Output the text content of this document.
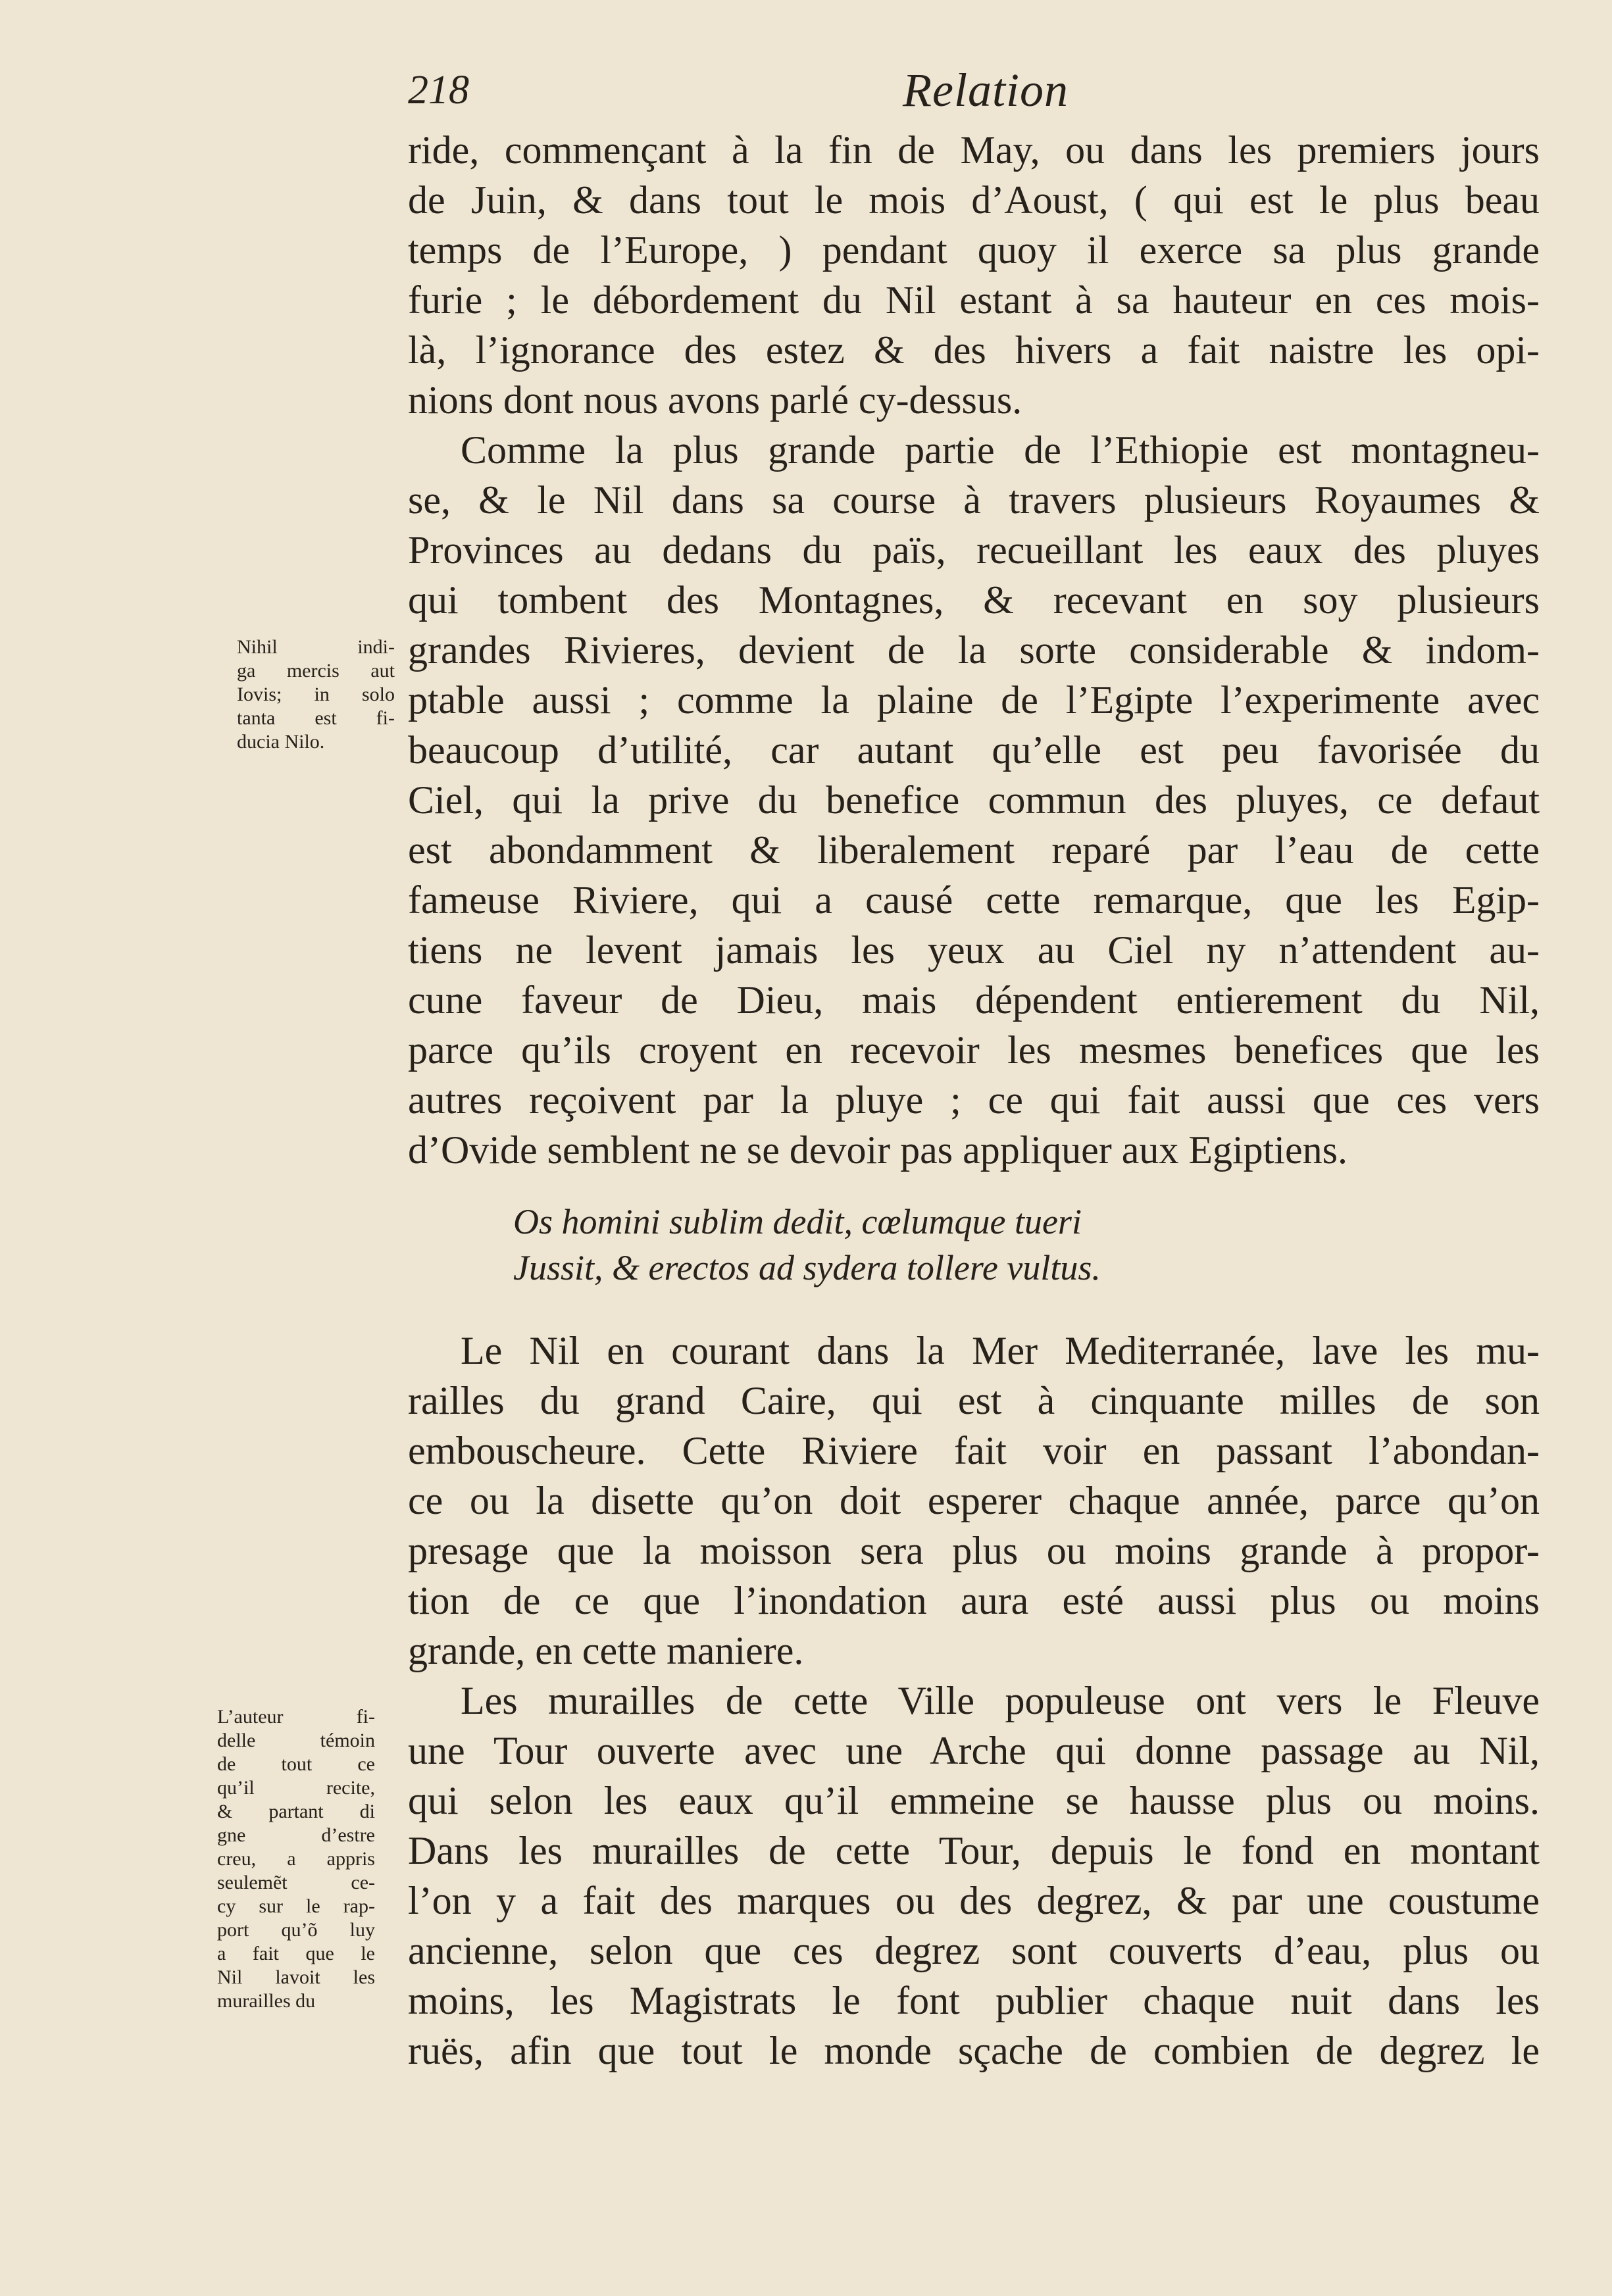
218	Relation
ride, commençant à la fin de May, ou dans les premiers jours
de Juin, & dans tout le mois d’Aoust, ( qui est le plus beau
temps de l’Europe, ) pendant quoy il exerce sa plus grande
furie ; le débordement du Nil estant à sa hauteur en ces mois-
là, l’ignorance des estez & des hivers a fait naistre les opi-
nions dont nous avons parlé cy-dessus.
Comme la plus grande partie de l’Ethiopie est montagneu-
se, & le Nil dans sa course à travers plusieurs Royaumes &
Provinces au dedans du païs, recueillant les eaux des pluyes
qui tombent des Montagnes, & recevant en soy plusieurs
grandes Rivieres, devient de la sorte considerable & indom-
ptable aussi ; comme la plaine de l’Egipte l’experimente avec
beaucoup d’utilité, car autant qu’elle est peu favorisée du
Ciel, qui la prive du benefice commun des pluyes, ce defaut
est abondamment & liberalement reparé par l’eau de cette
fameuse Riviere, qui a causé cette remarque, que les Egip-
tiens ne levent jamais les yeux au Ciel ny n’attendent au-
cune faveur de Dieu, mais dépendent entierement du Nil,
parce qu’ils croyent en recevoir les mesmes benefices que les
autres reçoivent par la pluye ; ce qui fait aussi que ces vers
d’Ovide semblent ne se devoir pas appliquer aux Egiptiens.
Os homini sublim dedit, cœlumque tueri
Jussit, & erectos ad sydera tollere vultus.
Le Nil en courant dans la Mer Mediterranée, lave les mu-
railles du grand Caire, qui est à cinquante milles de son
embouscheure. Cette Riviere fait voir en passant l’abondan-
ce ou la disette qu’on doit esperer chaque année, parce qu’on
presage que la moisson sera plus ou moins grande à propor-
tion de ce que l’inondation aura esté aussi plus ou moins
grande, en cette maniere.
Les murailles de cette Ville populeuse ont vers le Fleuve
une Tour ouverte avec une Arche qui donne passage au Nil,
qui selon les eaux qu’il emmeine se hausse plus ou moins.
Dans les murailles de cette Tour, depuis le fond en montant
l’on y a fait des marques ou des degrez, & par une coustume
ancienne, selon que ces degrez sont couverts d’eau, plus ou
moins, les Magistrats le font publier chaque nuit dans les
ruës, afin que tout le monde sçache de combien de degrez le
Nihil indi-
ga mercis aut
Iovis; in solo
tanta est fi-
ducia Nilo.
L’auteur fi-
delle témoin
de tout ce
qu’il recite,
& partant di
gne d’estre
creu, a appris
seulemẽt ce-
cy sur le rap-
port qu’õ luy
a fait que le
Nil lavoit les
murailles du
